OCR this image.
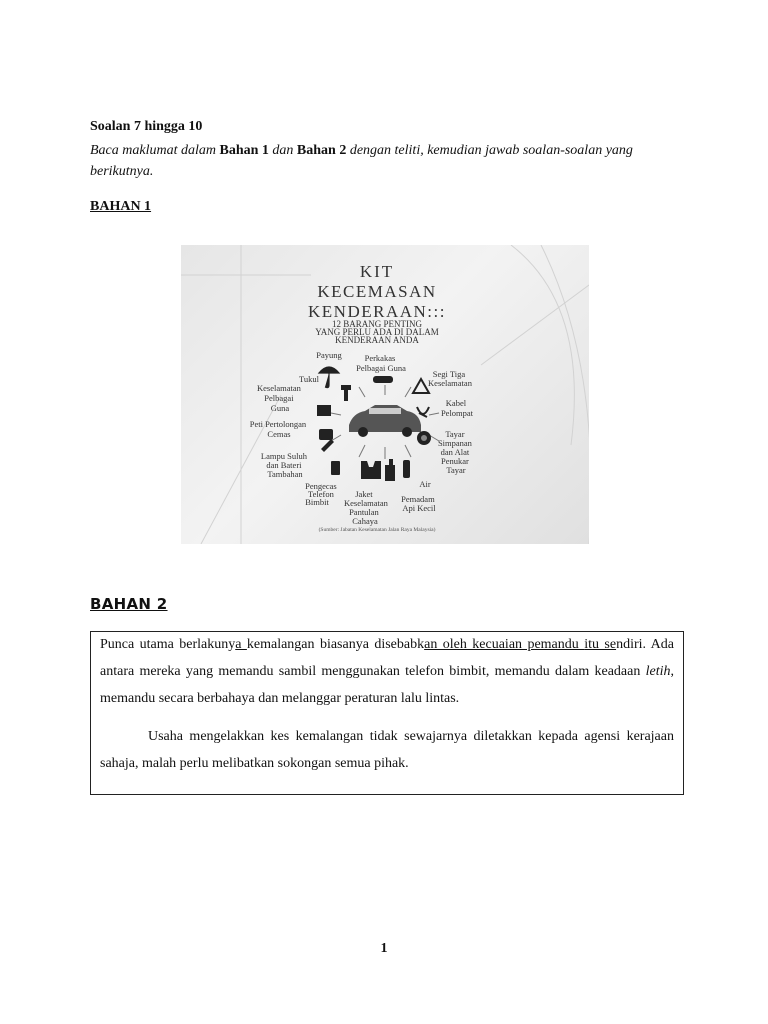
Soalan 7 hingga 10
Baca maklumat dalam Bahan 1 dan Bahan 2 dengan teliti, kemudian jawab soalan-soalan yang berikutnya.
BAHAN 1
KIT
KECEMASAN
KENDERAAN:::
12 BARANG PENTING
YANG PERLU ADA DI DALAM
KENDERAAN ANDA
Payung	Perkakas Pelbagai Guna
Tukul	Segi Tiga Keselamatan
Keselamatan Pelbagai Guna	Kabel Pelompat
Peti Pertolongan Cemas	Tayar Simpanan dan Alat Penukar Tayar
Lampu Suluh dan Bateri Tambahan
Air
Pengecas Telefon Bimbit
Jaket Keselamatan Pantulan Cahaya
Pemadam Api Kecil
(Sumber: Jabatan Keselamatan Jalan Raya Malaysia)
BAHAN 2

Punca utama berlakunya kemalangan biasanya disebabkan oleh kecuaian pemandu itu sendiri. Ada antara mereka yang memandu sambil menggunakan telefon bimbit, memandu dalam keadaan letih, memandu secara berbahaya dan melanggar peraturan lalu lintas.

Usaha mengelakkan kes kemalangan tidak sewajarnya diletakkan kepada agensi kerajaan sahaja, malah perlu melibatkan sokongan semua pihak.

1
